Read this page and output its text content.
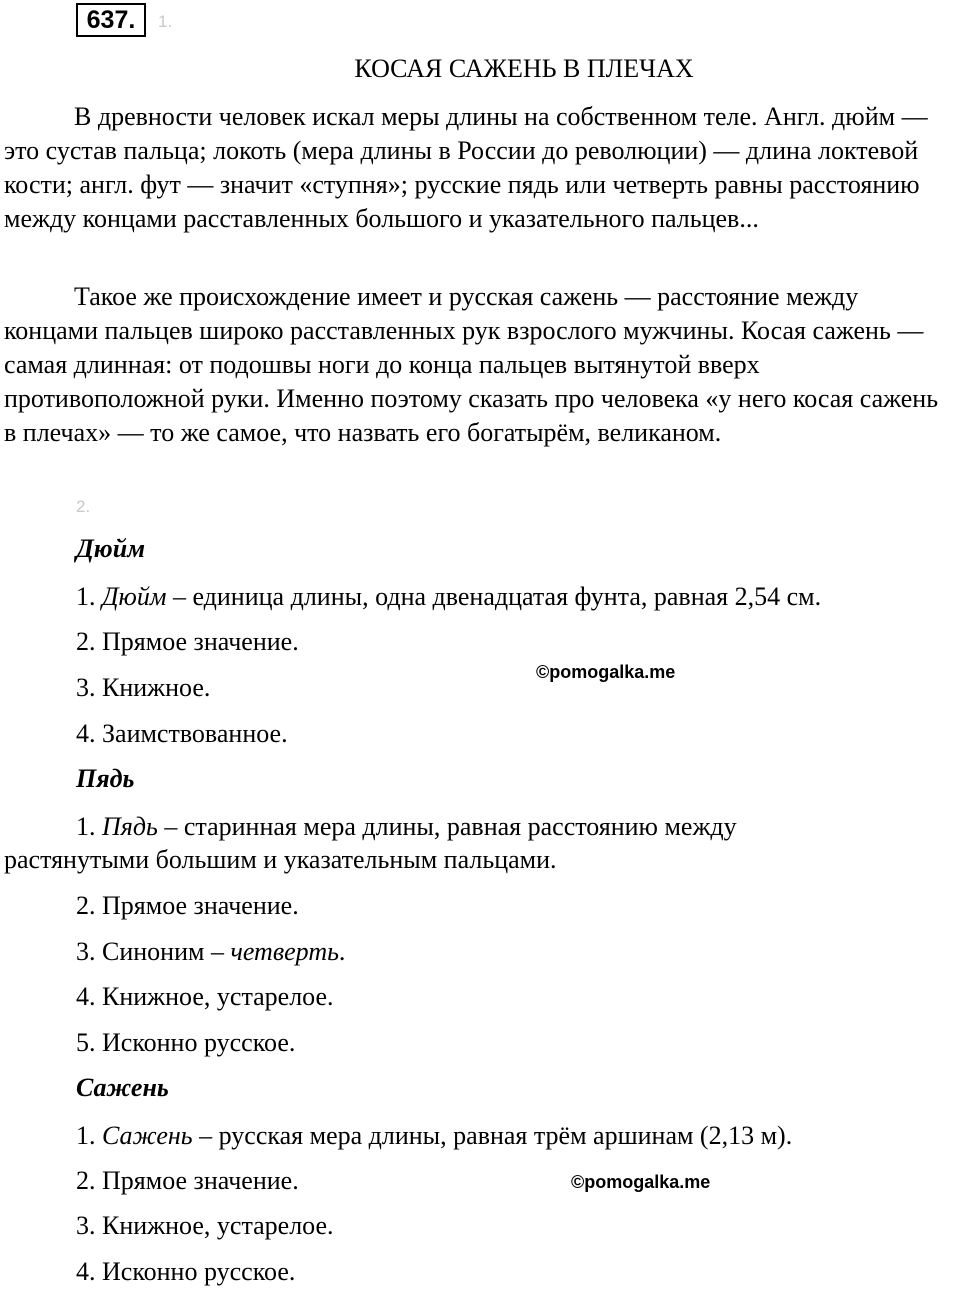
637.	1.
КОСАЯ САЖЕНЬ В ПЛЕЧАХ

В древности человек искал меры длины на собственном теле. Англ. дюйм — это сустав пальца; локоть (мера длины в России до революции) — длина локтевой кости; англ. фут — значит «ступня»; русские пядь или четверть равны расстоянию между концами расставленных большого и указательного пальцев...

Такое же происхождение имеет и русская сажень — расстояние между концами пальцев широко расставленных рук взрослого мужчины. Косая сажень — самая длинная: от подошвы ноги до конца пальцев вытянутой вверх противоположной руки. Именно поэтому сказать про человека «у него косая сажень в плечах» — то же самое, что назвать его богатырём, великаном.

2.
Дюйм
1. Дюйм – единица длины, одна двенадцатая фунта, равная 2,54 см.
2. Прямое значение.
3. Книжное.
4. Заимствованное.
©pomogalka.me
Пядь
1. Пядь – старинная мера длины, равная расстоянию между
растянутыми большим и указательным пальцами.
2. Прямое значение.
3. Синоним – четверть.
4. Книжное, устарелое.
5. Исконно русское.
Сажень
1. Сажень – русская мера длины, равная трём аршинам (2,13 м).
2. Прямое значение.
3. Книжное, устарелое.
4. Исконно русское.
©pomogalka.me
